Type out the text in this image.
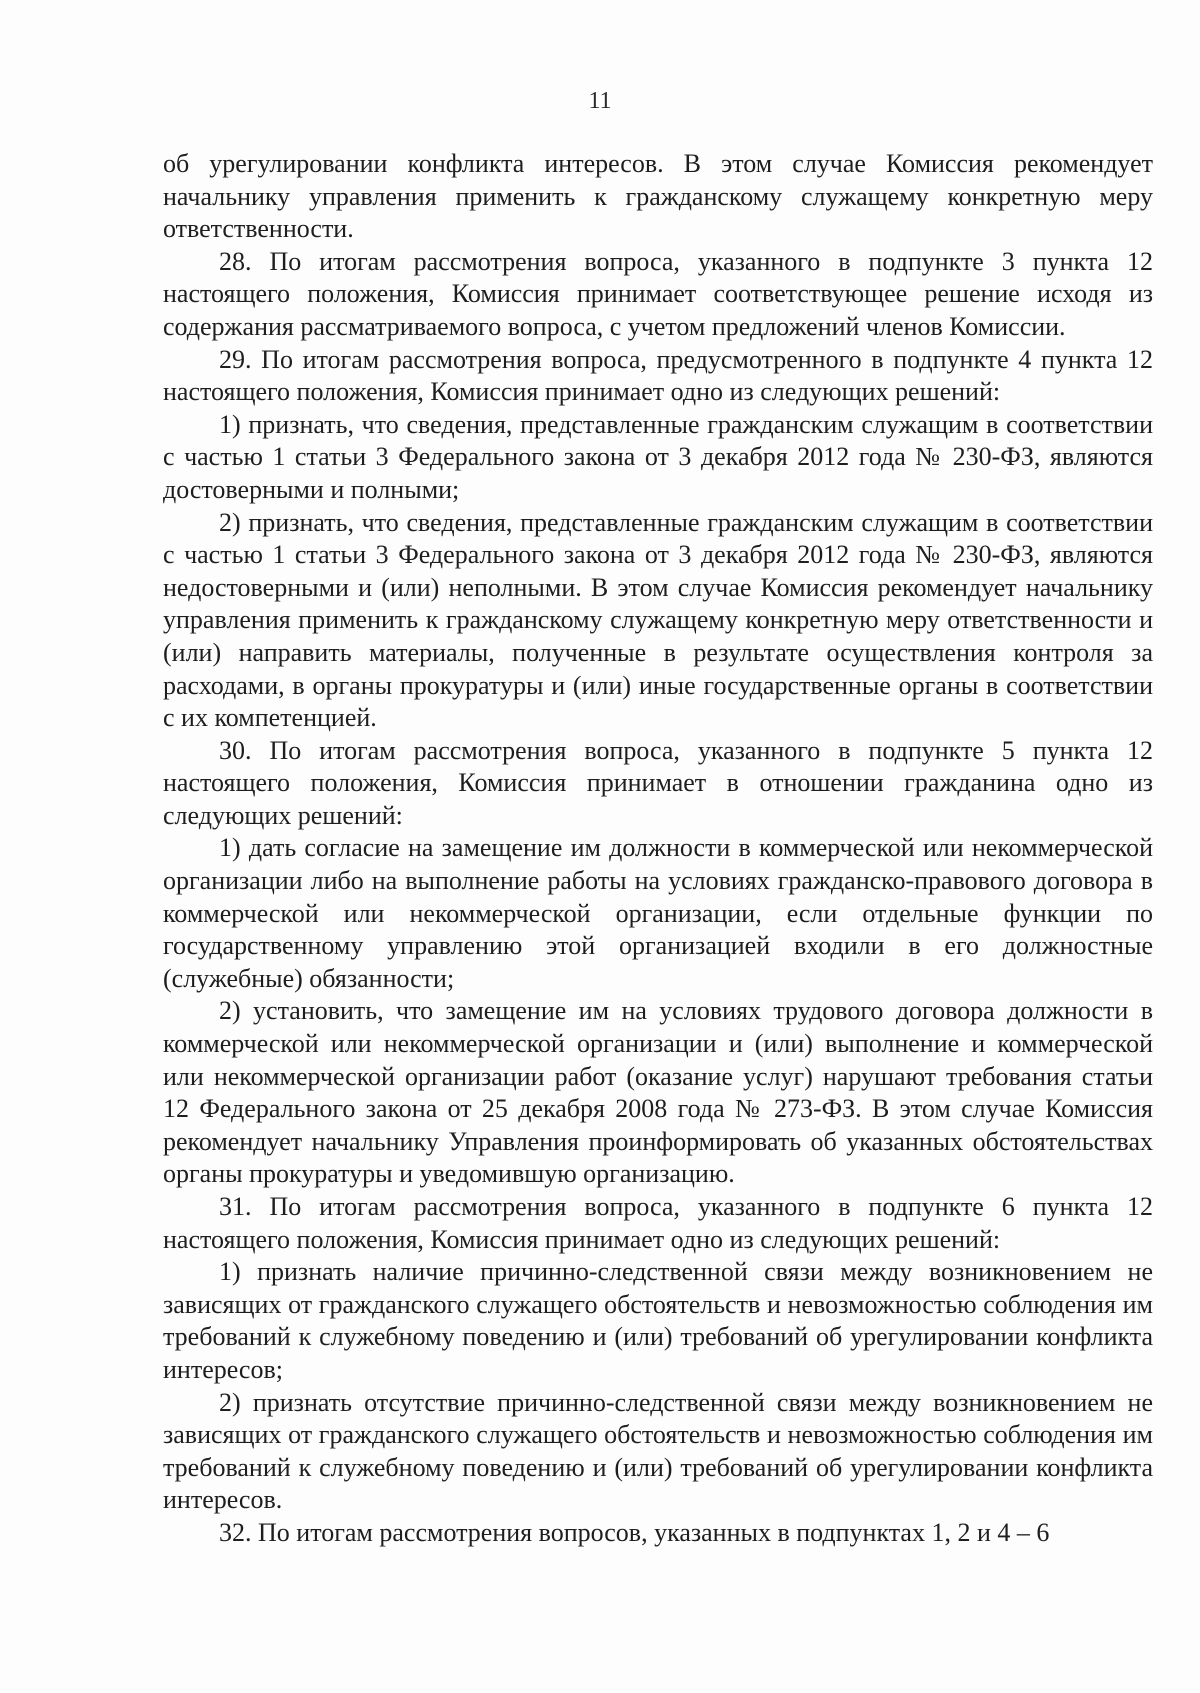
11

об урегулировании конфликта интересов. В этом случае Комиссия рекомендует начальнику управления применить к гражданскому служащему конкретную меру ответственности.

28. По итогам рассмотрения вопроса, указанного в подпункте 3 пункта 12 настоящего положения, Комиссия принимает соответствующее решение исходя из содержания рассматриваемого вопроса, с учетом предложений членов Комиссии.

29. По итогам рассмотрения вопроса, предусмотренного в подпункте 4 пункта 12 настоящего положения, Комиссия принимает одно из следующих решений:

1) признать, что сведения, представленные гражданским служащим в соответствии с частью 1 статьи 3 Федерального закона от 3 декабря 2012 года № 230-ФЗ, являются достоверными и полными;

2) признать, что сведения, представленные гражданским служащим в соответствии с частью 1 статьи 3 Федерального закона от 3 декабря 2012 года № 230-ФЗ, являются недостоверными и (или) неполными. В этом случае Комиссия рекомендует начальнику управления применить к гражданскому служащему конкретную меру ответственности и (или) направить материалы, полученные в результате осуществления контроля за расходами, в органы прокуратуры и (или) иные государственные органы в соответствии с их компетенцией.

30. По итогам рассмотрения вопроса, указанного в подпункте 5 пункта 12 настоящего положения, Комиссия принимает в отношении гражданина одно из следующих решений:

1) дать согласие на замещение им должности в коммерческой или некоммерческой организации либо на выполнение работы на условиях гражданско-правового договора в коммерческой или некоммерческой организации, если отдельные функции по государственному управлению этой организацией входили в его должностные (служебные) обязанности;

2) установить, что замещение им на условиях трудового договора должности в коммерческой или некоммерческой организации и (или) выполнение и коммерческой или некоммерческой организации работ (оказание услуг) нарушают требования статьи 12 Федерального закона от 25 декабря 2008 года № 273-ФЗ. В этом случае Комиссия рекомендует начальнику Управления проинформировать об указанных обстоятельствах органы прокуратуры и уведомившую организацию.

31. По итогам рассмотрения вопроса, указанного в подпункте 6 пункта 12 настоящего положения, Комиссия принимает одно из следующих решений:

1) признать наличие причинно-следственной связи между возникновением не зависящих от гражданского служащего обстоятельств и невозможностью соблюдения им требований к служебному поведению и (или) требований об урегулировании конфликта интересов;

2) признать отсутствие причинно-следственной связи между возникновением не зависящих от гражданского служащего обстоятельств и невозможностью соблюдения им требований к служебному поведению и (или) требований об урегулировании конфликта интересов.

32. По итогам рассмотрения вопросов, указанных в подпунктах 1, 2 и 4 – 6
